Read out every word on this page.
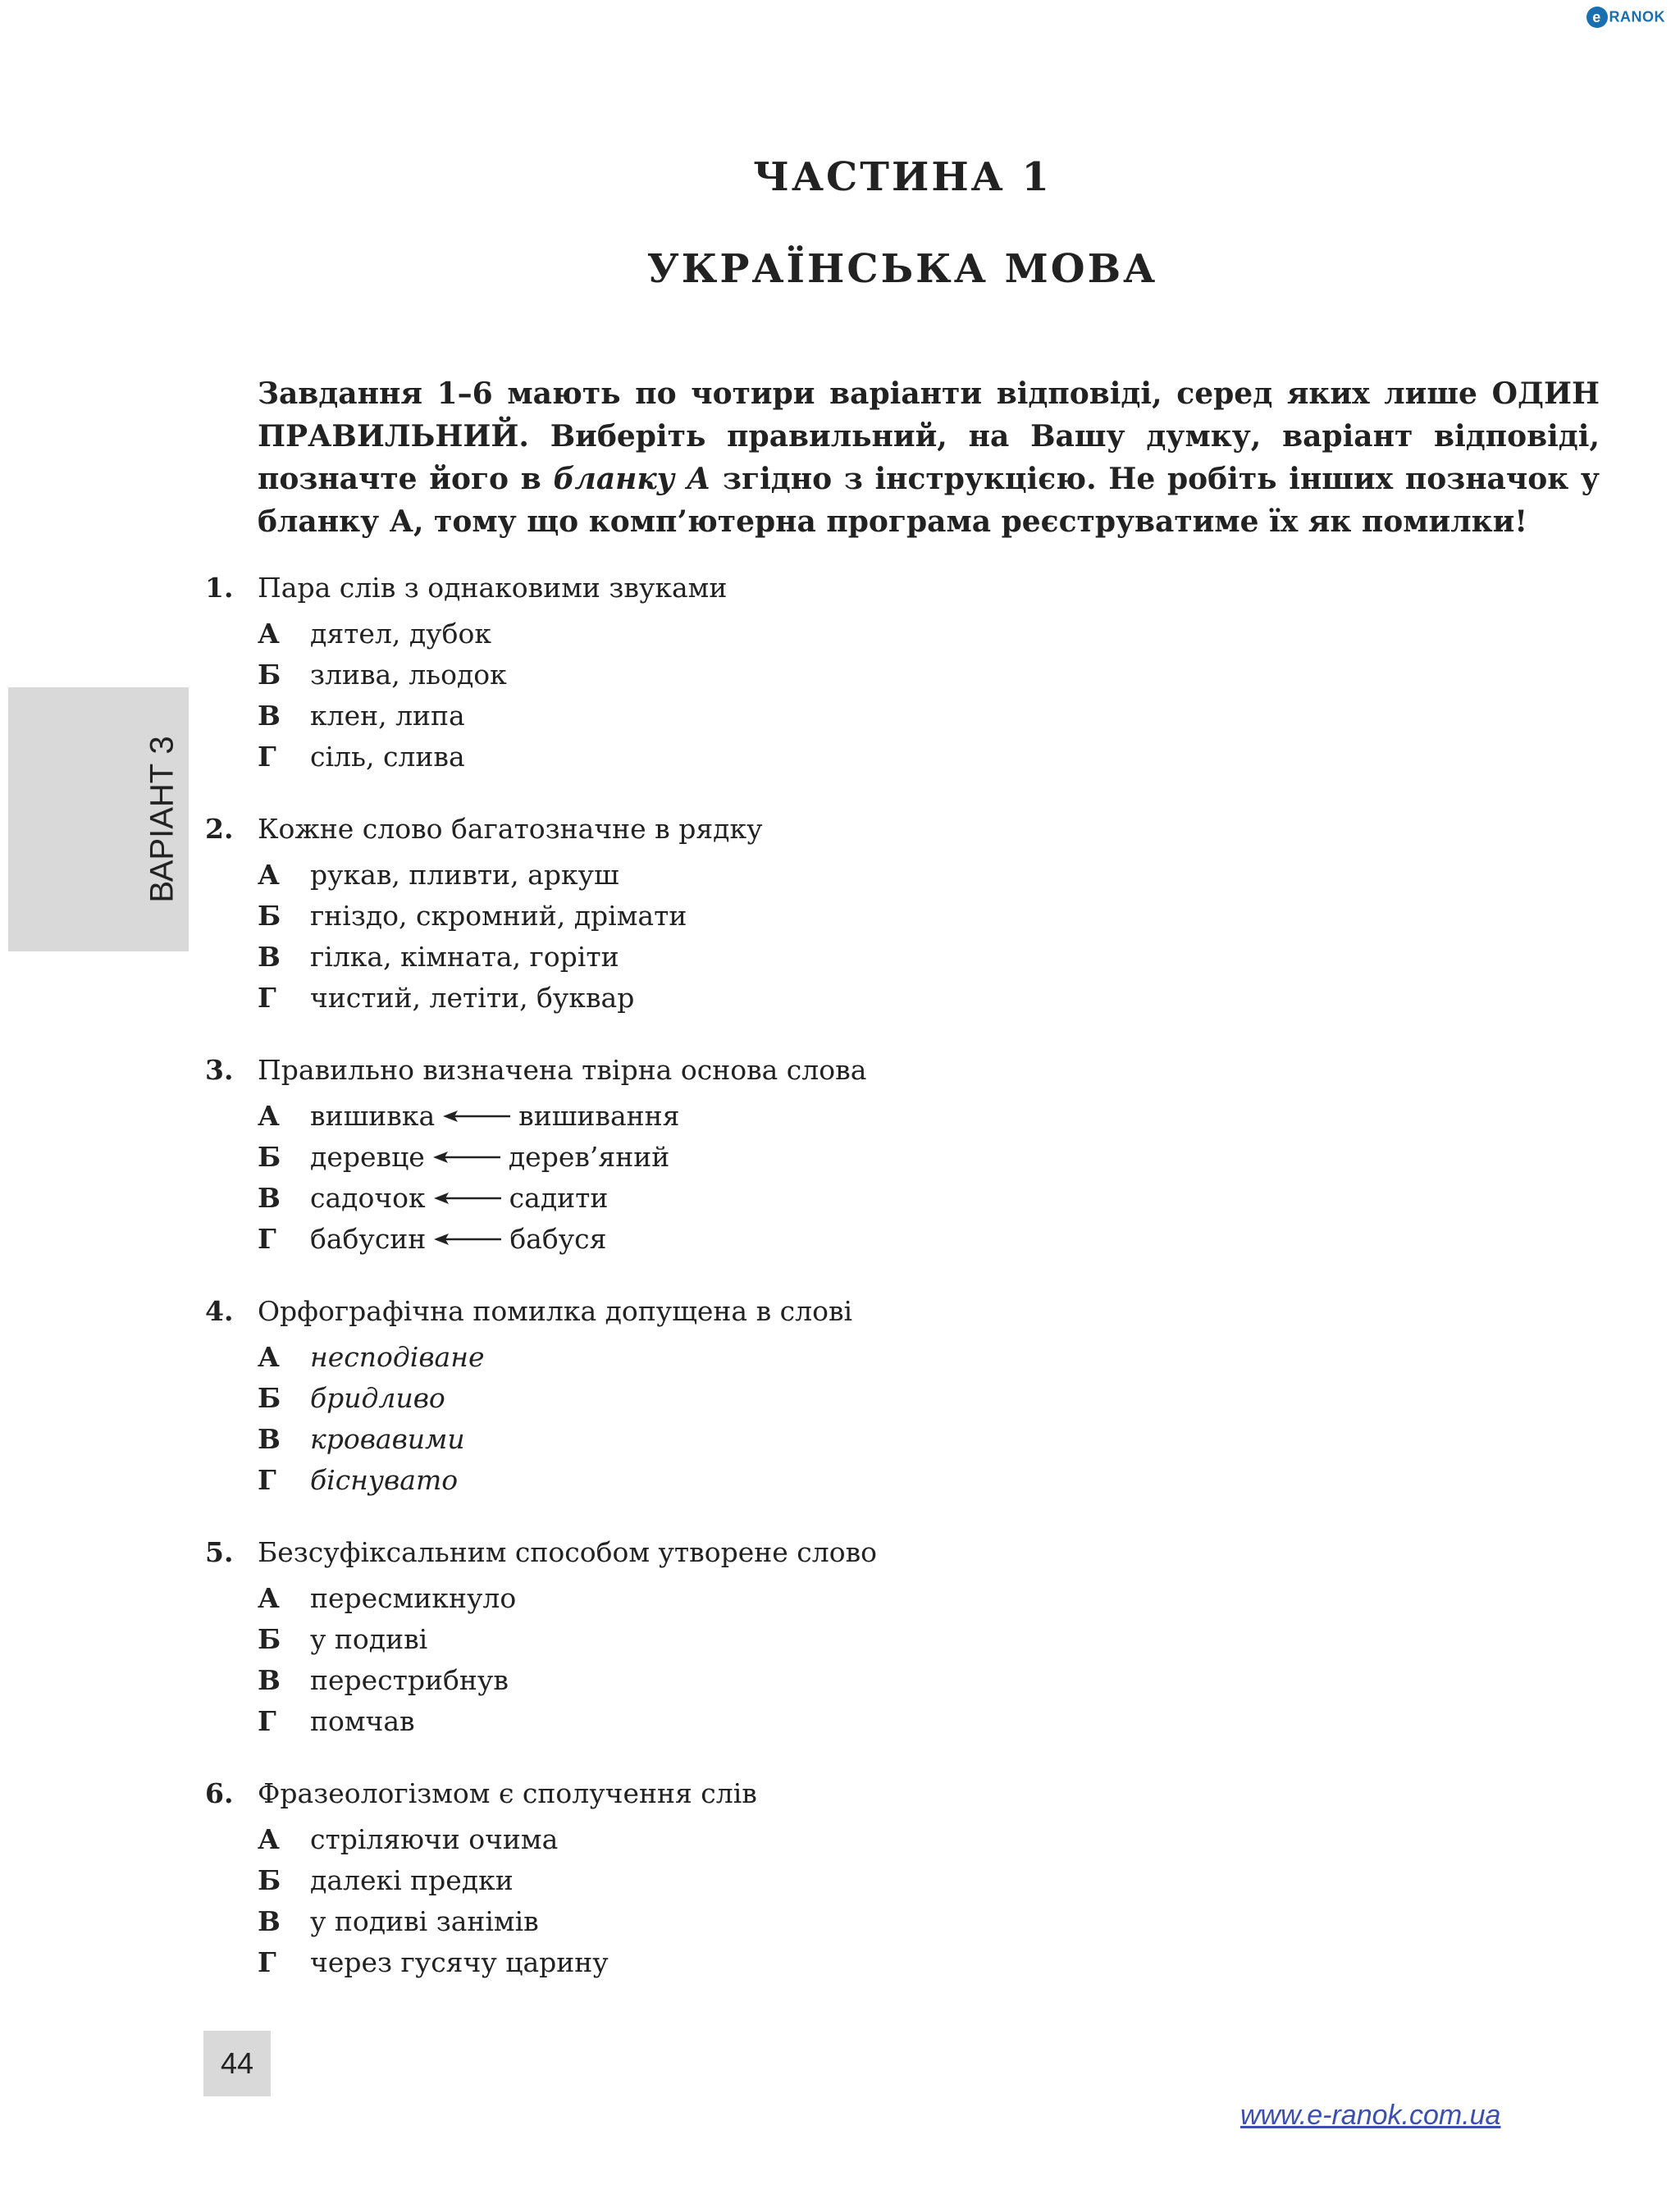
e RANOK
ВАРІАНТ 3
ЧАСТИНА 1
УКРАЇНСЬКА МОВА

Завдання 1–6 мають по чотири варіанти відповіді, серед яких лише ОДИН ПРАВИЛЬНИЙ. Виберіть правильний, на Вашу думку, варіант відповіді, позначте його в бланку А згідно з інструкцією. Не робіть інших позначок у бланку А, тому що комп’ютерна програма реєструватиме їх як помилки!

1. Пара слів з однаковими звуками
А	дятел, дубок
Б	злива, льодок
В	клен, липа
Г	сіль, слива
2. Кожне слово багатозначне в рядку
А	рукав, пливти, аркуш
Б	гніздо, скромний, дрімати
В	гілка, кімната, горіти
Г	чистий, летіти, буквар
3. Правильно визначена твірна основа слова
А	вишивка	вишивання
Б	деревце	дерев’яний
В	садочок	садити
Г	бабусин	бабуся
4. Орфографічна помилка допущена в слові
А	несподіване
Б	бридливо
В	кровавими
Г	біснувато
5. Безсуфіксальним способом утворене слово
А	пересмикнуло
Б	у подиві
В	перестрибнув
Г	помчав
6. Фразеологізмом є сполучення слів
А	стріляючи очима
Б	далекі предки
В	у подиві занімів
Г	через гусячу царину
44
www.e-ranok.com.ua
